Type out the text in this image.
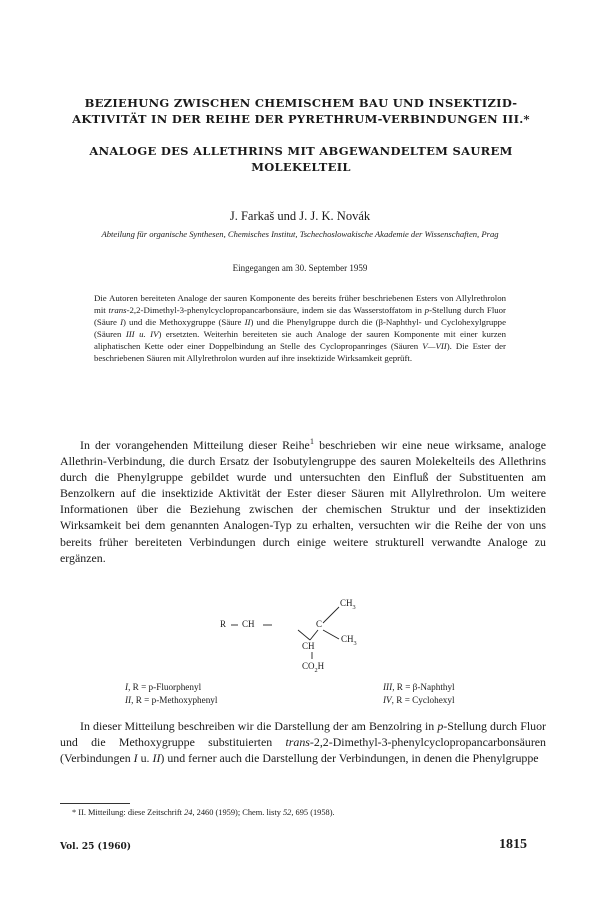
BEZIEHUNG ZWISCHEN CHEMISCHEM BAU UND INSEKTIZID-
AKTIVITÄT IN DER REIHE DER PYRETHRUM-VERBINDUNGEN III.*

ANALOGE DES ALLETHRINS MIT ABGEWANDELTEM SAUREM
MOLEKELTEIL

J. Farkaš und J. J. K. Novák

Abteilung für organische Synthesen, Chemisches Institut, Tschechoslowakische Akademie der Wissenschaften, Prag

Eingegangen am 30. September 1959

Die Autoren bereiteten Analoge der sauren Komponente des bereits früher beschriebenen Esters von Allylrethrolon mit trans-2,2-Dimethyl-3-phenylcyclopropancarbonsäure, indem sie das Wasserstoffatom in p-Stellung durch Fluor (Säure I) und die Methoxygruppe (Säure II) und die Phenylgruppe durch die (β-Naphthyl- und Cyclohexylgruppe (Säuren III u. IV) ersetzten. Weiterhin bereiteten sie auch Analoge der sauren Komponente mit einer kurzen aliphatischen Kette oder einer Doppelbindung an Stelle des Cyclopropanringes (Säuren V—VII). Die Ester der beschriebenen Säuren mit Allylrethrolon wurden auf ihre insektizide Wirksamkeit geprüft.

In der vorangehenden Mitteilung dieser Reihe$^1$ beschrieben wir eine neue wirksame, analoge Allethrin-Verbindung, die durch Ersatz der Isobutylengruppe des sauren Molekelteils des Allethrins durch die Phenylgruppe gebildet wurde und untersuchten den Einfluß der Substituenten am Benzolkern auf die insektizide Aktivität der Ester dieser Säuren mit Allylrethrolon. Um weitere Informationen über die Beziehung zwischen der chemischen Struktur und der insektiziden Wirksamkeit bei dem genannten Analogen-Typ zu erhalten, versuchten wir die Reihe der von uns bereits früher bereiteten Verbindungen durch einige weitere strukturell verwandte Analoge zu ergänzen.

R CH	C
$CH_3$
$CH_3$
CH
$CO_2H$

I, R = p-Fluorphenyl
II, R = p-Methoxyphenyl

III, R = β-Naphthyl
IV, R = Cyclohexyl

In dieser Mitteilung beschreiben wir die Darstellung der am Benzolring in p-Stellung durch Fluor und die Methoxygruppe substituierten trans-2,2-Dimethyl-3-phenylcyclopropancarbonsäuren (Verbindungen I u. II) und ferner auch die Darstellung der Verbindungen, in denen die Phenylgruppe

* II. Mitteilung: diese Zeitschrift 24, 2460 (1959); Chem. listy 52, 695 (1958).

Vol. 25 (1960)	1815
